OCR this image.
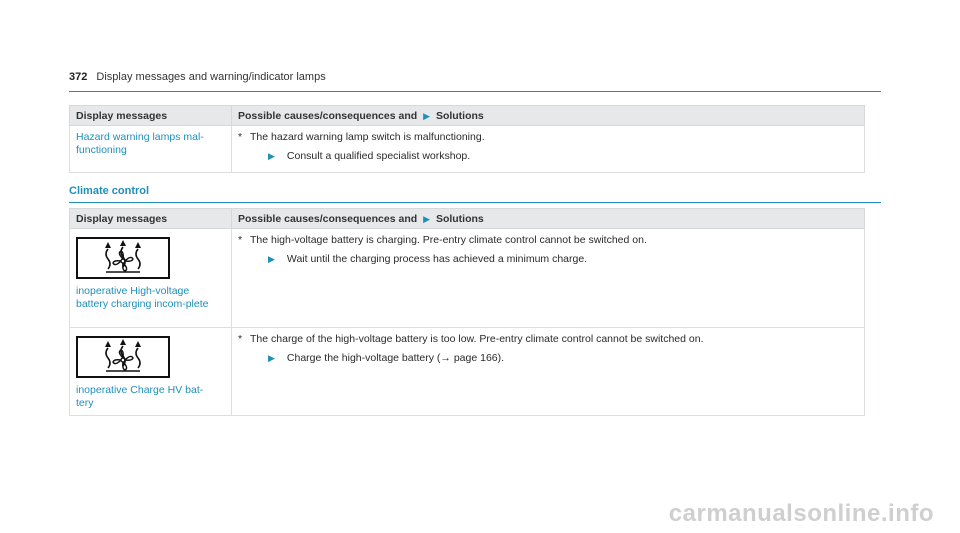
372 Display messages and warning/indicator lamps
Display messages	Possible causes/consequences and ▶ Solutions

Hazard warning lamps mal-functioning	* The hazard warning lamp switch is malfunctioning.
▶ Consult a qualified specialist workshop.
Climate control
Display messages	Possible causes/consequences and ▶ Solutions

inoperative High-voltage battery charging incom-plete	* The high-voltage battery is charging. Pre-entry climate control cannot be switched on.
▶ Wait until the charging process has achieved a minimum charge.

inoperative Charge HV bat-tery	* The charge of the high-voltage battery is too low. Pre-entry climate control cannot be switched on.
▶ Charge the high-voltage battery (→ page 166).
carmanualsonline.info
